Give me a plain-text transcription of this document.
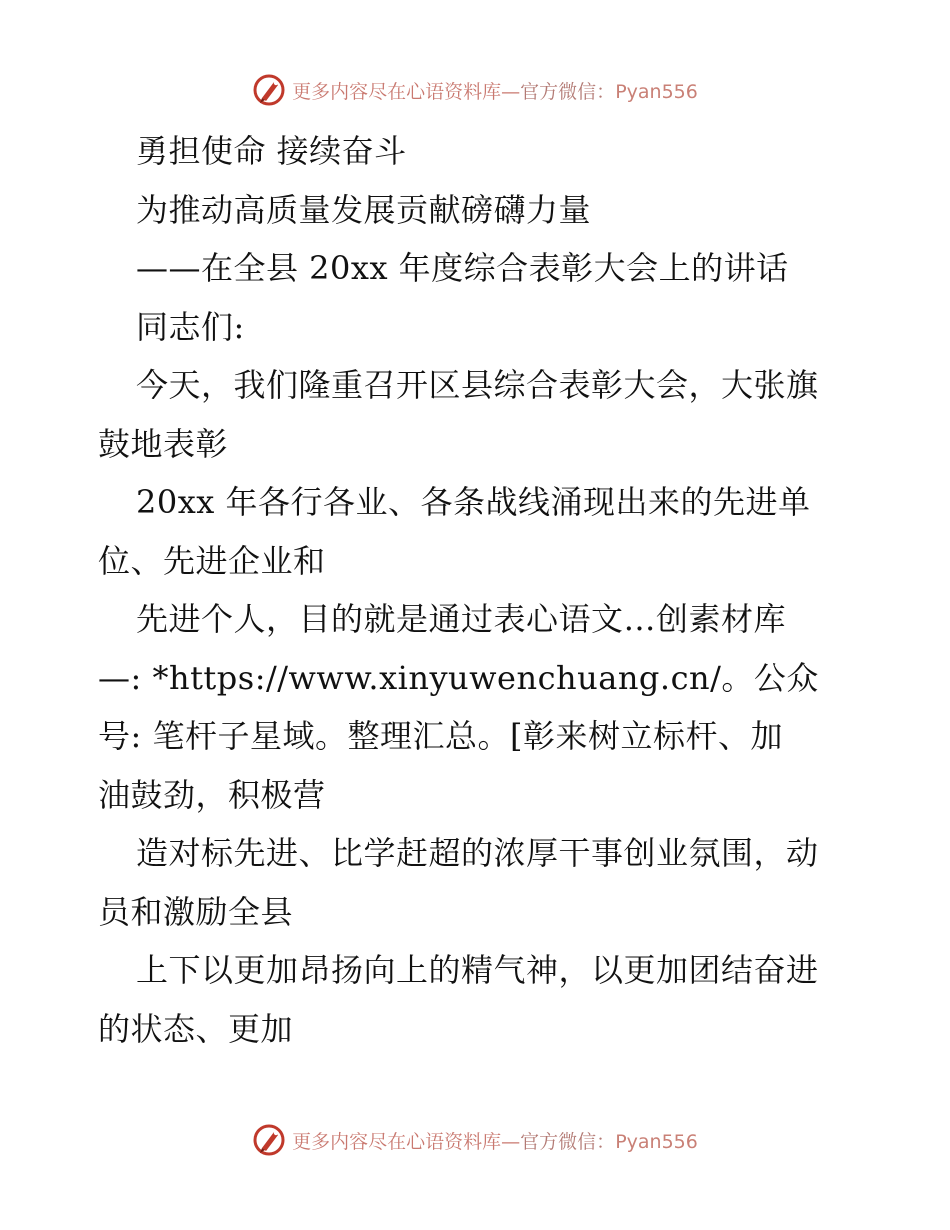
更多内容尽在心语资料库—官方微信：Pyan556
勇担使命 接续奋斗
为推动高质量发展贡献磅礴力量
——在全县 20xx 年度综合表彰大会上的讲话
同志们:
今天，我们隆重召开区县综合表彰大会，大张旗
鼓地表彰
20xx 年各行各业、各条战线涌现出来的先进单
位、先进企业和
先进个人，目的就是通过表心语文…创素材库
—: *https://www.xinyuwenchuang.cn/。公众
号: 笔杆子星域。整理汇总。[彰来树立标杆、加
油鼓劲，积极营
造对标先进、比学赶超的浓厚干事创业氛围，动
员和激励全县
上下以更加昂扬向上的精气神，以更加团结奋进
的状态、更加
更多内容尽在心语资料库—官方微信：Pyan556
